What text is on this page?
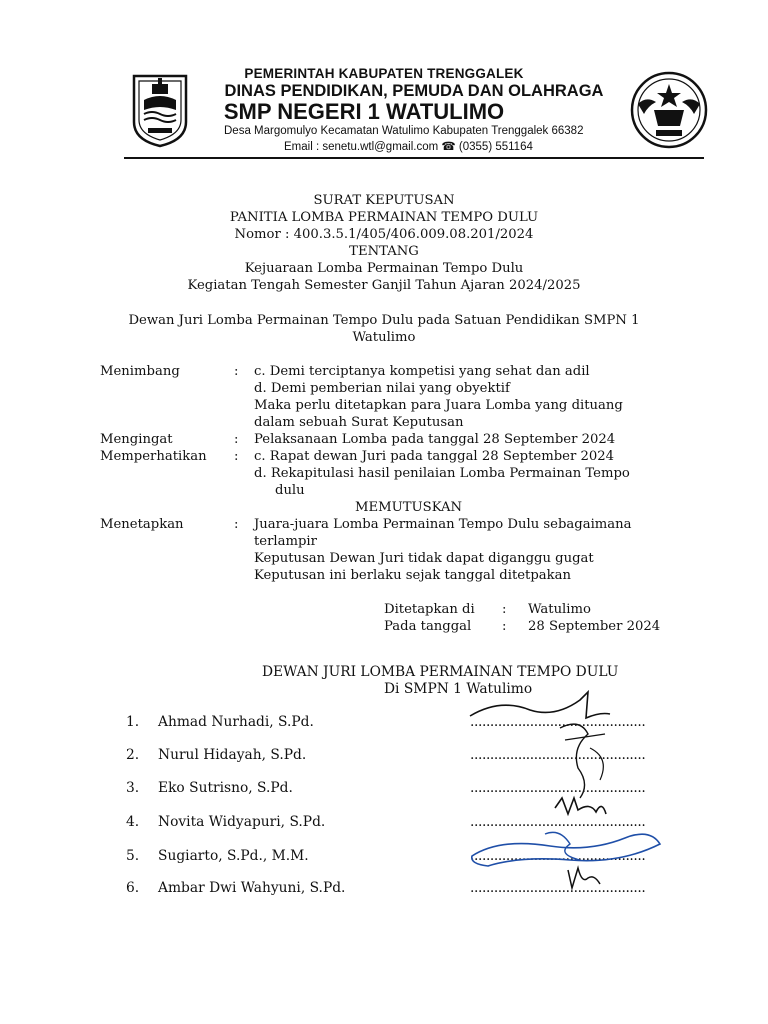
PEMERINTAH KABUPATEN TRENGGALEK
DINAS PENDIDIKAN, PEMUDA DAN OLAHRAGA
SMP NEGERI 1 WATULIMO
Desa Margomulyo Kecamatan Watulimo Kabupaten Trenggalek 66382
Email : senetu.wtl@gmail.com ☎ (0355) 551164
SURAT KEPUTUSAN
PANITIA LOMBA PERMAINAN TEMPO DULU
Nomor : 400.3.5.1/405/406.009.08.201/2024
TENTANG
Kejuaraan Lomba Permainan Tempo Dulu
Kegiatan Tengah Semester Ganjil Tahun Ajaran 2024/2025
Dewan Juri Lomba Permainan Tempo Dulu pada Satuan Pendidikan SMPN 1
Watulimo
Menimbang	: c. Demi terciptanya kompetisi yang sehat dan adil
d. Demi pemberian nilai yang obyektif
Maka perlu ditetapkan para Juara Lomba yang dituang
dalam sebuah Surat Keputusan
Mengingat	: Pelaksanaan Lomba pada tanggal 28 September 2024
Memperhatikan : c. Rapat dewan Juri pada tanggal 28 September 2024
d. Rekapitulasi hasil penilaian Lomba Permainan Tempo
dulu
MEMUTUSKAN
Menetapkan	: Juara-juara Lomba Permainan Tempo Dulu sebagaimana
terlampir
Keputusan Dewan Juri tidak dapat diganggu gugat
Keputusan ini berlaku sejak tanggal ditetpakan
Ditetapkan di : Watulimo
Pada tanggal : 28 September 2024
DEWAN JURI LOMBA PERMAINAN TEMPO DULU
Di SMPN 1 Watulimo
1. Ahmad Nurhadi, S.Pd.	............................................
2. Nurul Hidayah, S.Pd.	............................................
3. Eko Sutrisno, S.Pd.	............................................
4. Novita Widyapuri, S.Pd.	............................................
5. Sugiarto, S.Pd., M.M.	............................................
6. Ambar Dwi Wahyuni, S.Pd.	............................................
